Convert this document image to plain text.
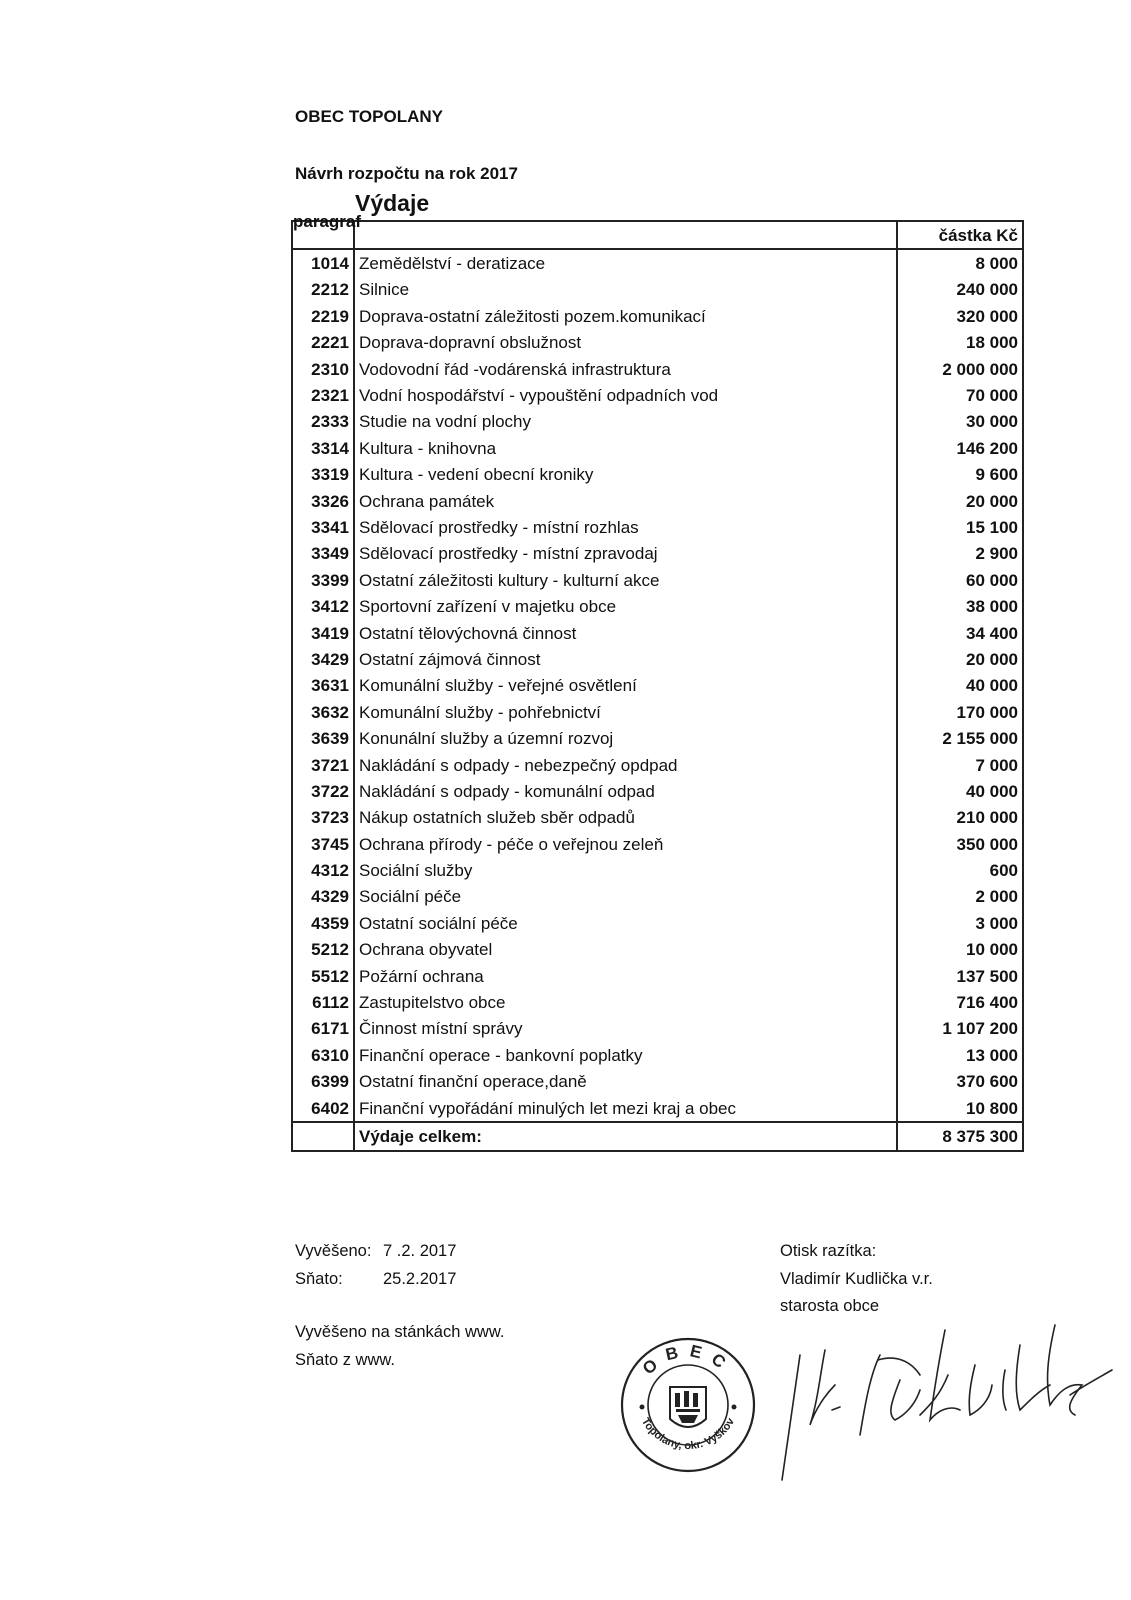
OBEC TOPOLANY
Návrh rozpočtu na rok 2017
Výdaje
paragraf		částka Kč
1014	Zemědělství - deratizace	8 000
2212	Silnice	240 000
2219	Doprava-ostatní záležitosti pozem.komunikací	320 000
2221	Doprava-dopravní obslužnost	18 000
2310	Vodovodní řád -vodárenská infrastruktura	2 000 000
2321	Vodní hospodářství - vypouštění odpadních vod	70 000
2333	Studie na vodní plochy	30 000
3314	Kultura - knihovna	146 200
3319	Kultura - vedení obecní kroniky	9 600
3326	Ochrana památek	20 000
3341	Sdělovací prostředky - místní rozhlas	15 100
3349	Sdělovací prostředky - místní zpravodaj	2 900
3399	Ostatní záležitosti kultury - kulturní akce	60 000
3412	Sportovní zařízení v majetku obce	38 000
3419	Ostatní tělovýchovná činnost	34 400
3429	Ostatní zájmová činnost	20 000
3631	Komunální služby - veřejné osvětlení	40 000
3632	Komunální služby - pohřebnictví	170 000
3639	Konunální služby a územní rozvoj	2 155 000
3721	Nakládání s odpady - nebezpečný opdpad	7 000
3722	Nakládání s odpady - komunální odpad	40 000
3723	Nákup ostatních služeb sběr odpadů	210 000
3745	Ochrana přírody - péče o veřejnou zeleň	350 000
4312	Sociální služby	600
4329	Sociální péče	2 000
4359	Ostatní sociální péče	3 000
5212	Ochrana obyvatel	10 000
5512	Požární ochrana	137 500
6112	Zastupitelstvo obce	716 400
6171	Činnost místní správy	1 107 200
6310	Finanční operace - bankovní poplatky	13 000
6399	Ostatní finanční operace,daně	370 600
6402	Finanční vypořádání minulých let mezi kraj a obec	10 800
	Výdaje celkem:	8 375 300
Vyvěšeno: 7 .2. 2017
Sňato: 25.2.2017
Vyvěšeno na stánkách www.
Sňato z www.
Otisk razítka:
Vladimír Kudlička v.r.
starosta obce
OBEC
Topolany, okr. Vyškov
